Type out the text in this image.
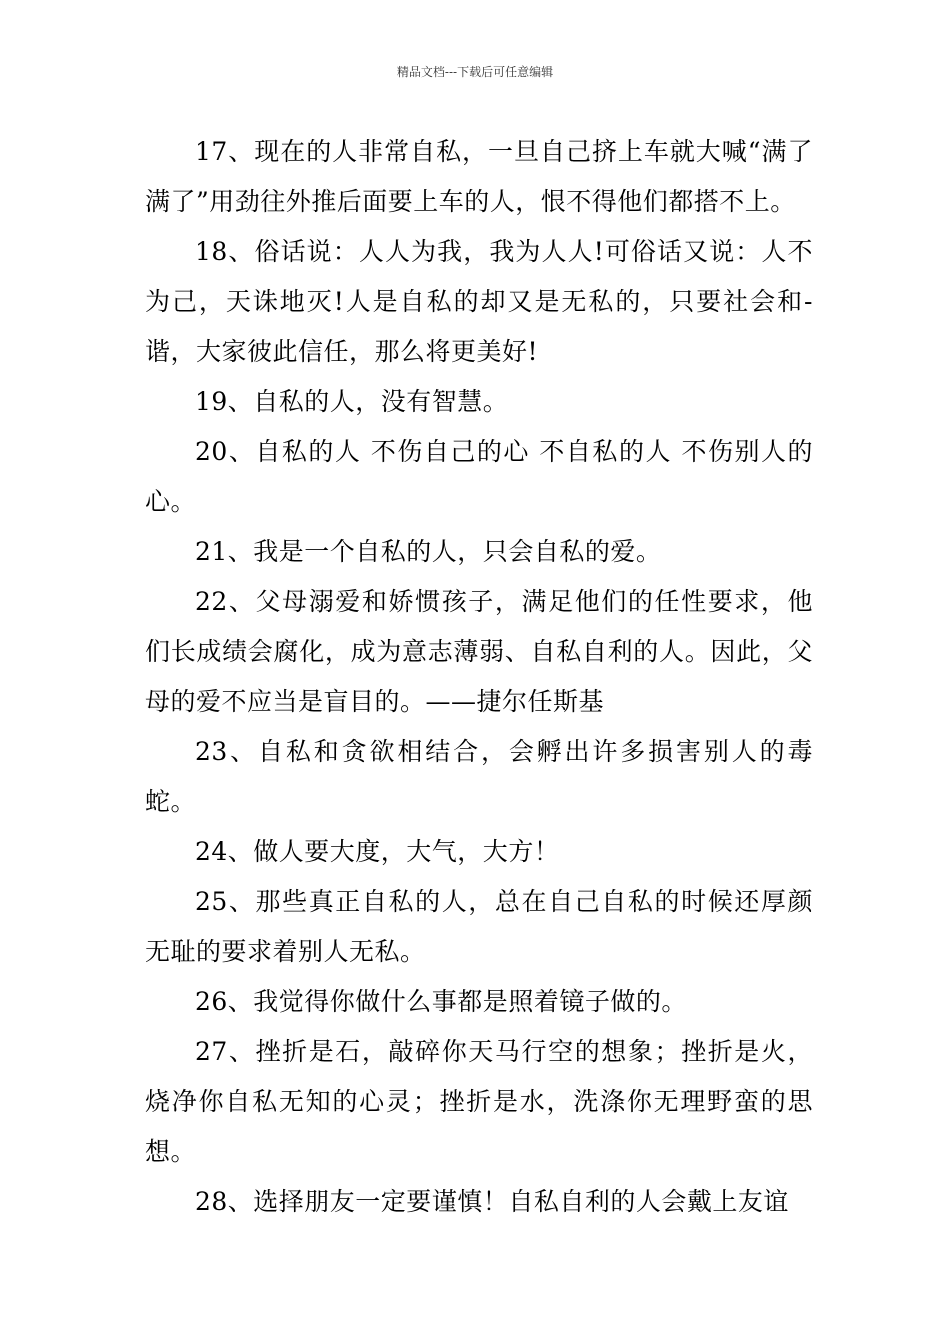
精品文档---下载后可任意编辑

17、现在的人非常自私，一旦自己挤上车就大喊“满了满了”用劲往外推后面要上车的人，恨不得他们都搭不上。

18、俗话说：人人为我，我为人人!可俗话又说：人不为己，天诛地灭!人是自私的却又是无私的，只要社会和-谐，大家彼此信任，那么将更美好!

19、自私的人，没有智慧。

20、自私的人 不伤自己的心 不自私的人 不伤别人的心。

21、我是一个自私的人，只会自私的爱。

22、父母溺爱和娇惯孩子，满足他们的任性要求，他们长成绩会腐化，成为意志薄弱、自私自利的人。因此，父母的爱不应当是盲目的。——捷尔任斯基

23、自私和贪欲相结合，会孵出许多损害别人的毒蛇。

24、做人要大度，大气，大方！

25、那些真正自私的人，总在自己自私的时候还厚颜无耻的要求着别人无私。

26、我觉得你做什么事都是照着镜子做的。

27、挫折是石，敲碎你天马行空的想象；挫折是火，烧净你自私无知的心灵；挫折是水，洗涤你无理野蛮的思想。

28、选择朋友一定要谨慎！自私自利的人会戴上友谊
